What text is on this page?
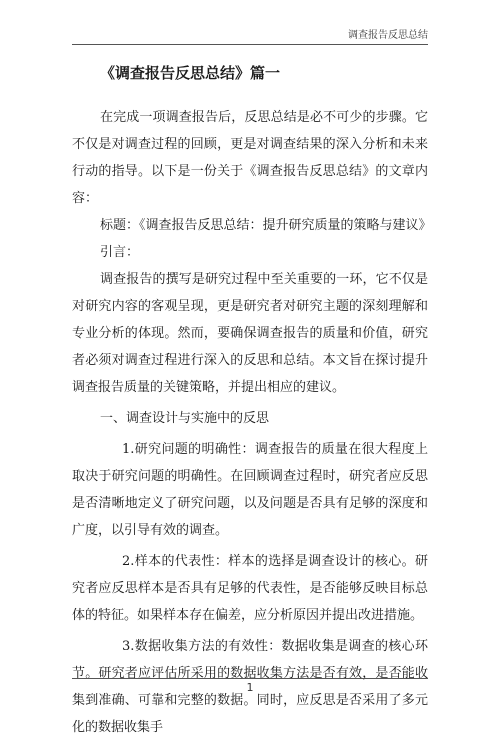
调查报告反思总结
《调查报告反思总结》篇一

在完成一项调查报告后，反思总结是必不可少的步骤。它不仅是对调查过程的回顾，更是对调查结果的深入分析和未来行动的指导。以下是一份关于《调查报告反思总结》的文章内容：

标题：《调查报告反思总结：提升研究质量的策略与建议》

引言：

调查报告的撰写是研究过程中至关重要的一环，它不仅是对研究内容的客观呈现，更是研究者对研究主题的深刻理解和专业分析的体现。然而，要确保调查报告的质量和价值，研究者必须对调查过程进行深入的反思和总结。本文旨在探讨提升调查报告质量的关键策略，并提出相应的建议。

一、调查设计与实施中的反思

1.研究问题的明确性：调查报告的质量在很大程度上取决于研究问题的明确性。在回顾调查过程时，研究者应反思是否清晰地定义了研究问题，以及问题是否具有足够的深度和广度，以引导有效的调查。

2.样本的代表性：样本的选择是调查设计的核心。研究者应反思样本是否具有足够的代表性，是否能够反映目标总体的特征。如果样本存在偏差，应分析原因并提出改进措施。

3.数据收集方法的有效性：数据收集是调查的核心环节。研究者应评估所采用的数据收集方法是否有效，是否能收集到准确、可靠和完整的数据。同时，应反思是否采用了多元化的数据收集手

1
